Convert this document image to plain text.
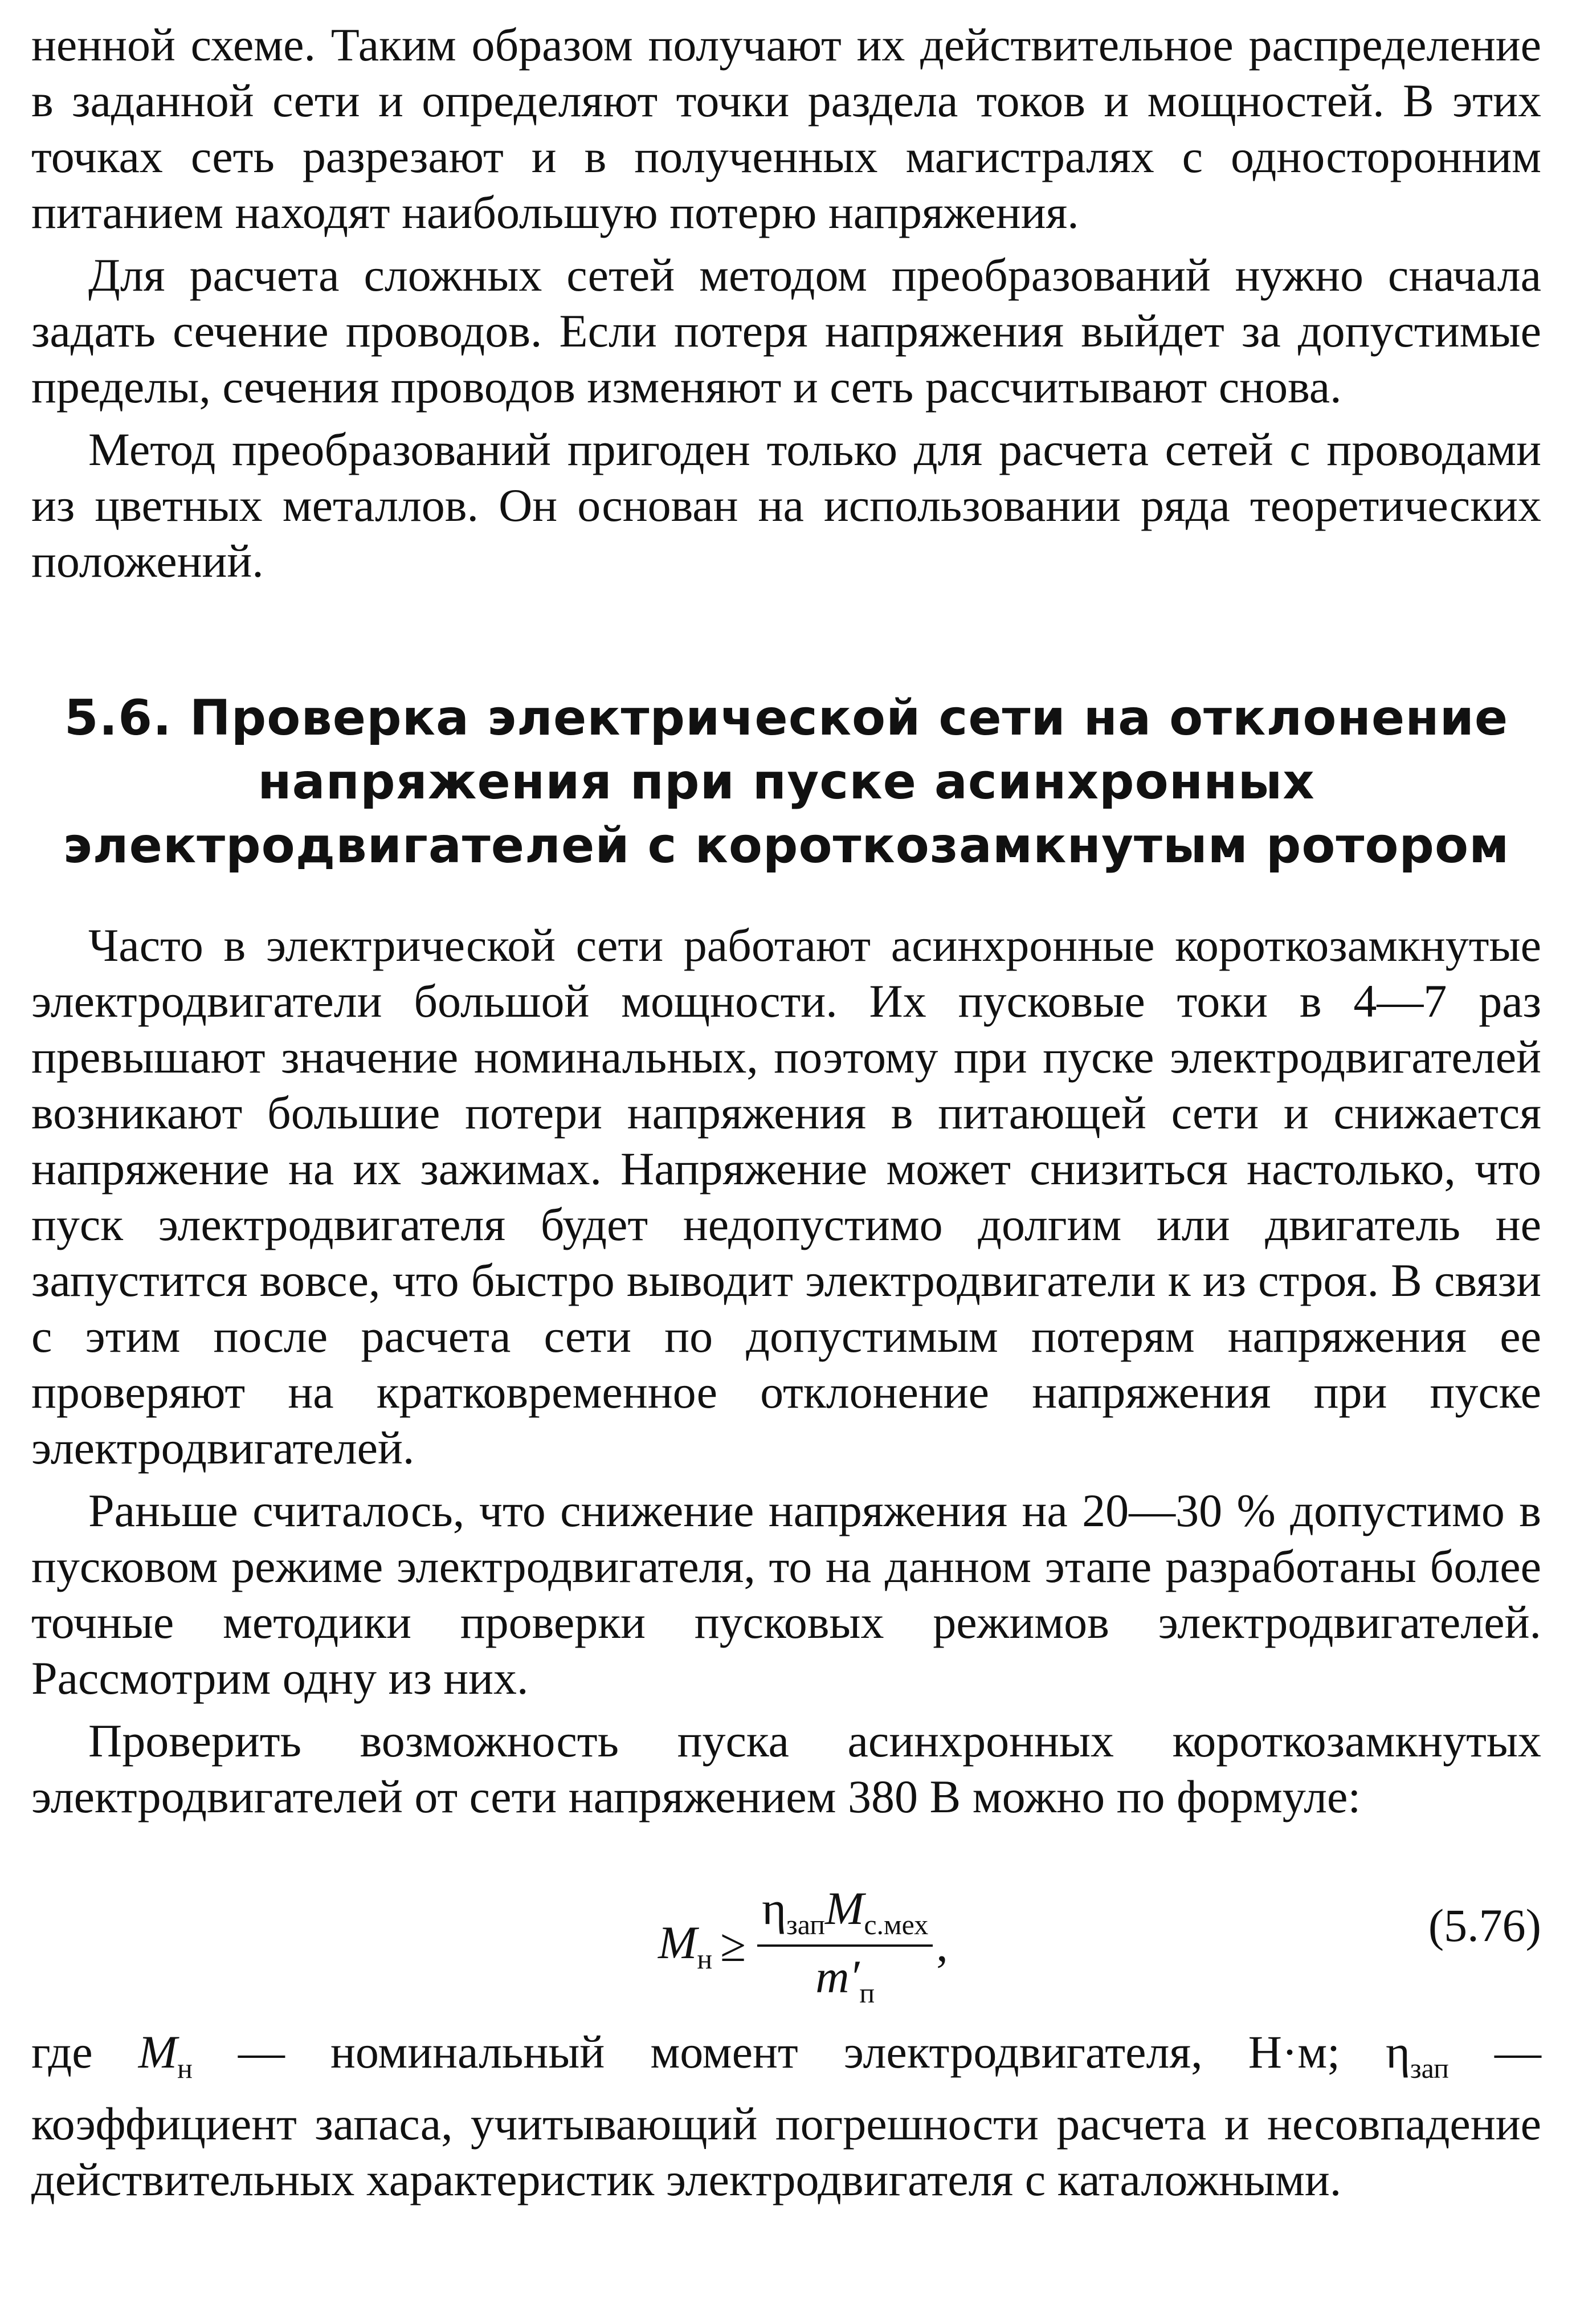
ненной схеме. Таким образом получают их действительное распределение в заданной сети и определяют точки раздела токов и мощностей. В этих точках сеть разрезают и в полученных магистралях с односторонним питанием находят наибольшую потерю напряжения.

Для расчета сложных сетей методом преобразований нужно сначала задать сечение проводов. Если потеря напряжения выйдет за допустимые пределы, сечения проводов изменяют и сеть рассчитывают снова.

Метод преобразований пригоден только для расчета сетей с проводами из цветных металлов. Он основан на использовании ряда теоретических положений.

5.6. Проверка электрической сети на отклонение
напряжения при пуске асинхронных
электродвигателей с короткозамкнутым ротором

Часто в электрической сети работают асинхронные короткозамкнутые электродвигатели большой мощности. Их пусковые токи в 4—7 раз превышают значение номинальных, поэтому при пуске электродвигателей возникают большие потери напряжения в питающей сети и снижается напряжение на их зажимах. Напряжение может снизиться настолько, что пуск электродвигателя будет недопустимо долгим или двигатель не запустится вовсе, что быстро выводит электродвигатели к из строя. В связи с этим после расчета сети по допустимым потерям напряжения ее проверяют на кратковременное отклонение напряжения при пуске электродвигателей.

Раньше считалось, что снижение напряжения на 20—30 % допустимо в пусковом режиме электродвигателя, то на данном этапе разработаны более точные методики проверки пусковых режимов электродвигателей. Рассмотрим одну из них.

Проверить возможность пуска асинхронных короткозамкнутых электродвигателей от сети напряжением 380 В можно по формуле:

$M_н \ge \frac{\eta_{зап}M_{с.мех}}{m'_п}$ ,	(5.76)

где $M_н$ — номинальный момент электродвигателя, Н·м; $\eta_{зап}$ — коэффициент запаса, учитывающий погрешности расчета и несовпадение действительных характеристик электродвигателя с каталожными.
